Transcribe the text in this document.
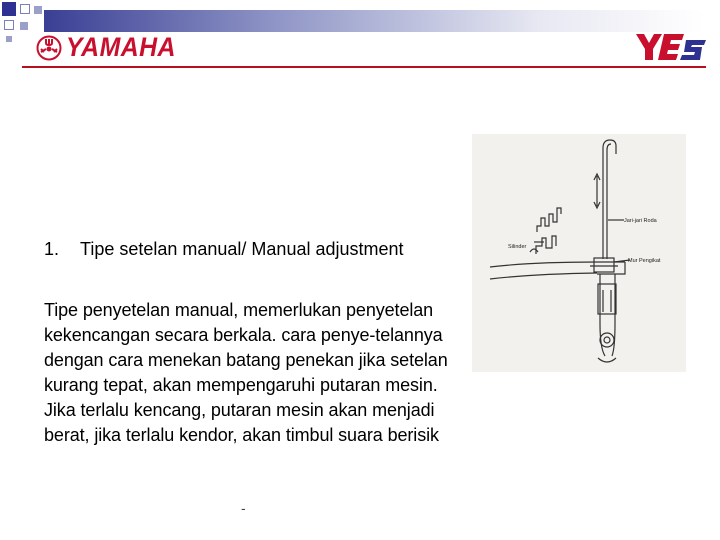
YAMAHA
1. Tipe setelan manual/ Manual adjustment
Tipe penyetelan manual, memerlukan penyetelan kekencangan secara berkala. cara penye-telannya dengan cara menekan batang penekan jika setelan kurang tepat, akan mempengaruhi putaran mesin. Jika terlalu kencang, putaran mesin akan menjadi berat, jika terlalu kendor, akan timbul suara berisik
-
Jari-jari Roda
Silinder
Mur Pengikat
